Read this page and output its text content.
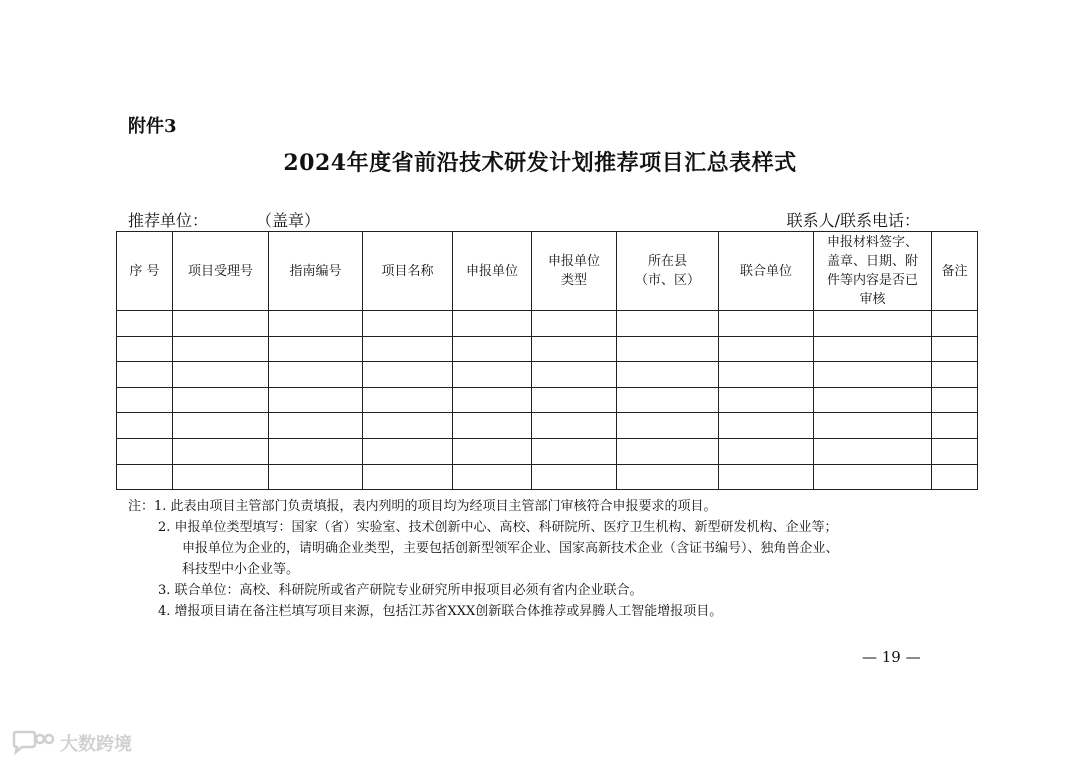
附件3
2024年度省前沿技术研发计划推荐项目汇总表样式
推荐单位：	（盖章）	联系人/联系电话：
序 号	项目受理号	指南编号	项目名称	申报单位	申报单位类型	所在县（市、区）	联合单位	申报材料签字、盖章、日期、附件等内容是否已审核	备注

注：1. 此表由项目主管部门负责填报，表内列明的项目均为经项目主管部门审核符合申报要求的项目。
2. 申报单位类型填写：国家（省）实验室、技术创新中心、高校、科研院所、医疗卫生机构、新型研发机构、企业等；
申报单位为企业的，请明确企业类型，主要包括创新型领军企业、国家高新技术企业（含证书编号）、独角兽企业、
科技型中小企业等。
3. 联合单位：高校、科研院所或省产研院专业研究所申报项目必须有省内企业联合。
4. 增报项目请在备注栏填写项目来源，包括江苏省XXX创新联合体推荐或昇腾人工智能增报项目。
— 19 —
大数跨境
